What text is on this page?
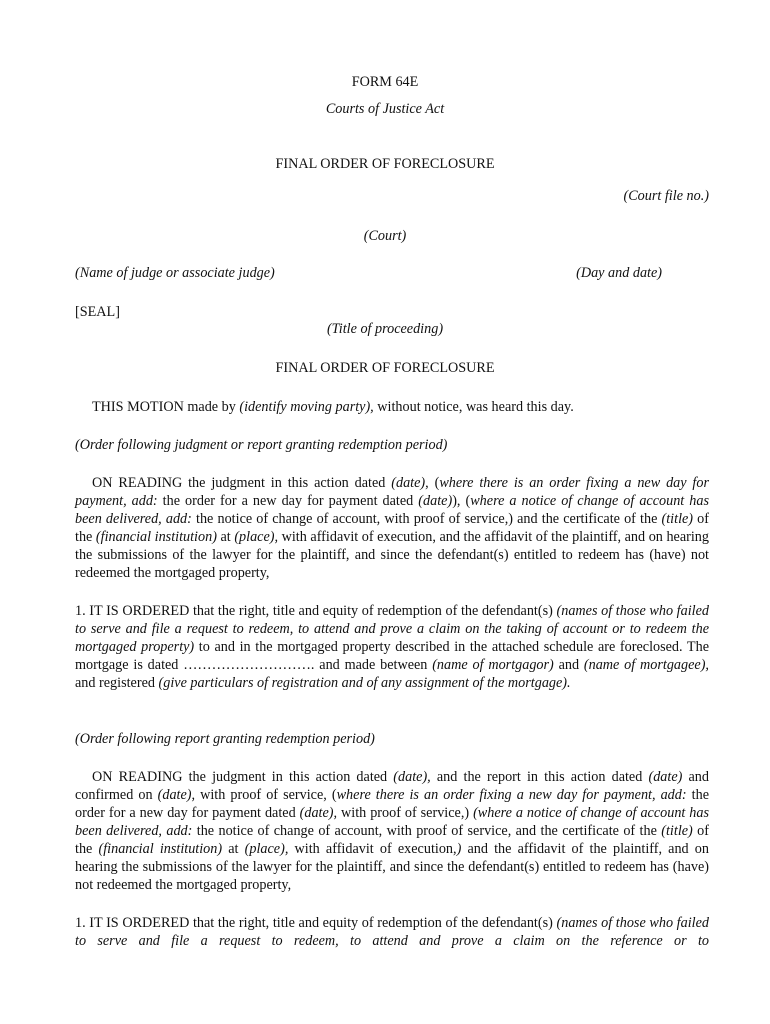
FORM 64E
Courts of Justice Act
FINAL ORDER OF FORECLOSURE
(Court file no.)
(Court)
(Name of judge or associate judge)	(Day and date)
[SEAL]
(Title of proceeding)
FINAL ORDER OF FORECLOSURE
THIS MOTION made by (identify moving party), without notice, was heard this day.
(Order following judgment or report granting redemption period)
ON READING the judgment in this action dated (date), (where there is an order fixing a new day for payment, add: the order for a new day for payment dated (date)), (where a notice of change of account has been delivered, add: the notice of change of account, with proof of service,) and the certificate of the (title) of the (financial institution) at (place), with affidavit of execution, and the affidavit of the plaintiff, and on hearing the submissions of the lawyer for the plaintiff, and since the defendant(s) entitled to redeem has (have) not redeemed the mortgaged property,
1. IT IS ORDERED that the right, title and equity of redemption of the defendant(s) (names of those who failed to serve and file a request to redeem, to attend and prove a claim on the taking of account or to redeem the mortgaged property) to and in the mortgaged property described in the attached schedule are foreclosed. The mortgage is dated ………………………. and made between (name of mortgagor) and (name of mortgagee), and registered (give particulars of registration and of any assignment of the mortgage).
(Order following report granting redemption period)
ON READING the judgment in this action dated (date), and the report in this action dated (date) and confirmed on (date), with proof of service, (where there is an order fixing a new day for payment, add: the order for a new day for payment dated (date), with proof of service,) (where a notice of change of account has been delivered, add: the notice of change of account, with proof of service, and the certificate of the (title) of the (financial institution) at (place), with affidavit of execution,) and the affidavit of the plaintiff, and on hearing the submissions of the lawyer for the plaintiff, and since the defendant(s) entitled to redeem has (have) not redeemed the mortgaged property,
1. IT IS ORDERED that the right, title and equity of redemption of the defendant(s) (names of those who failed to serve and file a request to redeem, to attend and prove a claim on the reference or to
